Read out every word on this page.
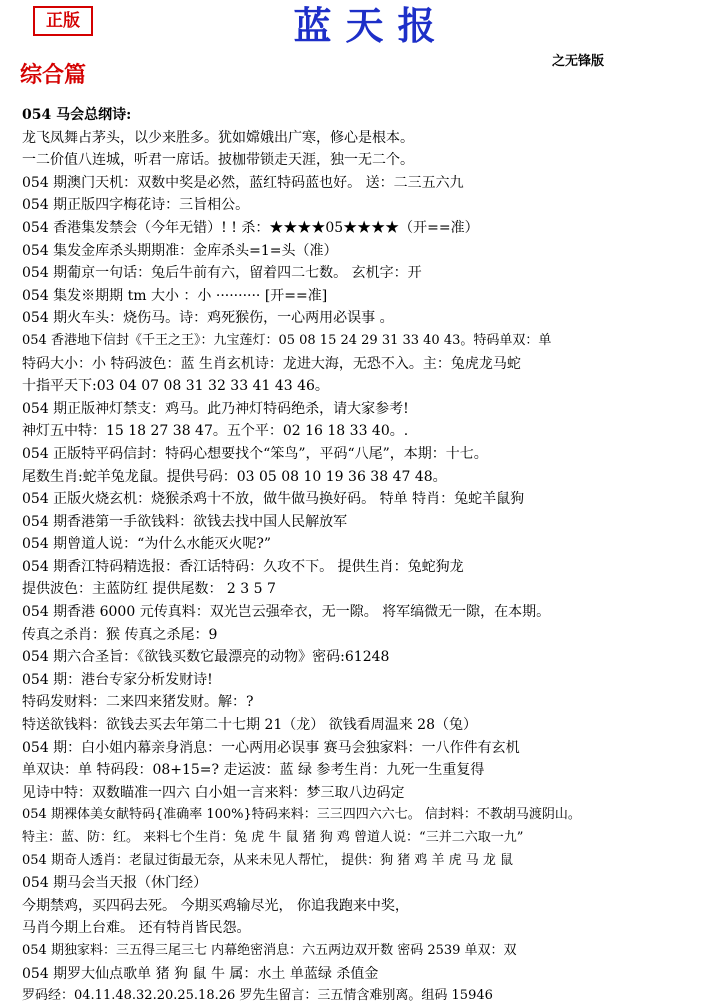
正版	蓝天报
之无锋版
综合篇
054 马会总纲诗:
龙飞凤舞占茅头，以少来胜多。犹如嫦娥出广寒，修心是根本。
一二价值八连城，听君一席话。披枷带锁走天涯，独一无二个。
054 期澳门天机：双数中奖是必然，蓝红特码蓝也好。 送：二三五六九
054 期正版四字梅花诗：三旨相公。
054 香港集发禁会（今年无错）! ! 杀：★★★★05★★★★（开==准）
054 集发金库杀头期期准：金库杀头=1=头（准）
054 期葡京一句话：兔后牛前有六，留着四二七数。 玄机字：开
054 集发※期期 tm 大小 ：小 ·········· [开==准]
054 期火车头：烧伤马。诗：鸡死猴伤，一心两用必误事 。
054 香港地下信封《千王之王》：九宝莲灯：05 08 15 24 29 31 33 40 43。特码单双：单
特码大小：小 特码波色：蓝 生肖玄机诗：龙进大海，无恐不入。主：兔虎龙马蛇
十指平天下:03 04 07 08 31 32 33 41 43 46。
054 期正版神灯禁支：鸡马。此乃神灯特码绝杀，请大家参考!
神灯五中特：15 18 27 38 47。五个平：02 16 18 33 40。.
054 正版特平码信封：特码心想要找个“笨鸟”，平码“八尾”，本期：十七。
尾数生肖:蛇羊兔龙鼠。提供号码：03 05 08 10 19 36 38 47 48。
054 正版火烧玄机：烧猴杀鸡十不放，做牛做马换好码。 特单 特肖：兔蛇羊鼠狗
054 期香港第一手欲钱料：欲钱去找中国人民解放军
054 期曾道人说：“为什么水能灭火呢?”
054 期香江特码精选报：香江话特码：久攻不下。 提供生肖：兔蛇狗龙
提供波色：主蓝防红 提供尾数： 2 3 5 7
054 期香港 6000 元传真料：双光岂云强牵衣，无一隙。 将军缟微无一隙，在本期。
传真之杀肖：猴 传真之杀尾：9
054 期六合圣旨：《欲钱买数它最漂亮的动物》密码:61248
054 期：港台专家分析发财诗!
特码发财料：二来四来猪发财。解：?
特送欲钱料：欲钱去买去年第二十七期 21（龙） 欲钱看周温来 28（兔）
054 期：白小姐内幕亲身消息：一心两用必误事 赛马会独家料：一八作件有玄机
单双诀：单 特码段：08+15=? 走运波：蓝 绿 参考生肖：九死一生重复得
见诗中特：双数瞄准一四六 白小姐一言来料：梦三取八边码定
054 期裸体美女献特码{准确率 100%}特码来料：三三四四六六七。 信封料：不教胡马渡阴山。
特主：蓝、防：红。 来料七个生肖：兔 虎 牛 鼠 猪 狗 鸡 曾道人说：“三并二六取一九”
054 期奇人透肖：老鼠过街最无奈，从来未见人帮忙， 提供：狗 猪 鸡 羊 虎 马 龙 鼠
054 期马会当天报（休门经）
今期禁鸡，买四码去死。 今期买鸡输尽光， 你追我跑来中奖，
马肖今期上台难。 还有特肖皆民怨。
054 期独家料：三五得三尾三七 内幕绝密消息：六五两边双开数 密码 2539 单双：双
054 期罗大仙点歌单 猪 狗 鼠 牛 属：水土 单蓝绿 杀值金
罗码经：04.11.48.32.20.25.18.26 罗先生留言：三五情含难别离。组码 15946
